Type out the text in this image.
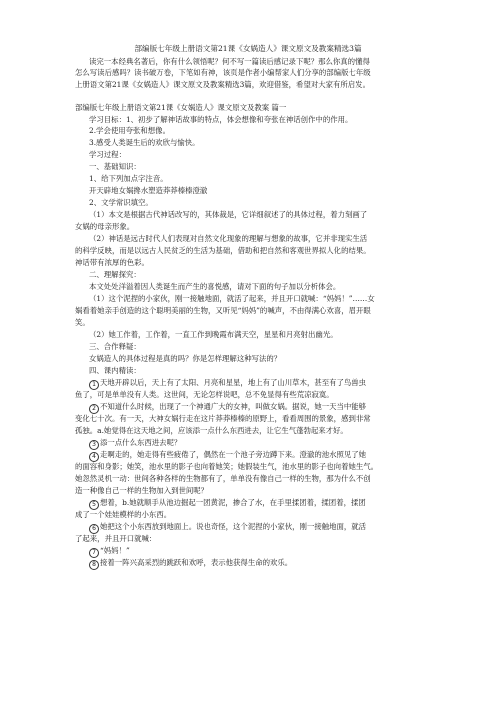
部编版七年级上册语文第21课《女娲造人》课文原文及教案精选3篇
读完一本经典名著后，你有什么领悟呢？何不写一篇读后感记录下呢？那么你真的懂得
怎么写读后感吗？读书破万卷，下笔如有神，该页是作者小编帮家人们分享的部编版七年级
上册语文第21课《女娲造人》课文原文及教案精选3篇，欢迎借鉴，希望对大家有所启发。
部编版七年级上册语文第21课《女娲造人》课文原文及教案 篇一
学习目标：1、初步了解神话故事的特点，体会想像和夸张在神话创作中的作用。
2.学会使用夸张和想像。
3.感受人类诞生后的欢欣与愉快。
学习过程：
一、基础知识：
1、给下列加点字注音。
开天辟地女娲搀水塑造莽莽榛榛澄澈
2、文学常识填空。
（1）本文是根据古代神话改写的，其体裁是，它详细叙述了的具体过程，着力刻画了
女娲的母亲形象。
（2）神话是远古时代人们表现对自然文化现象的理解与想象的故事，它并非现实生活
的科学反映，而是以远古人民贫乏的生活为基础，借助和把自然和客观世界拟人化的结果。
神话带有浓厚的色彩。
二、理解探究：
本文处处洋溢着因人类诞生而产生的喜悦感，请对下面的句子加以分析体会。
（1）这个泥捏的小家伙，刚一接触地面，就活了起来，并且开口就喊：“妈妈！”……女
娲看着她亲手创造的这个聪明美丽的生物，又听见“妈妈”的喊声，不由得满心欢喜，眉开眼
笑。
（2）她工作着，工作着，一直工作到晚霞布满天空，星星和月亮射出幽光。
三、合作释疑：
女娲造人的具体过程是真的吗？你是怎样理解这种写法的？
四、课内精读：
1 天地开辟以后，天上有了太阳、月亮和星星，地上有了山川草木，甚至有了鸟兽虫
鱼了，可是单单没有人类。这世间，无论怎样说吧，总不免显得有些荒凉寂寞。
2 不知道什么时候，出现了一个神通广大的女神，叫做女娲。据说，她一天当中能够
变化七十次。有一天，大神女娲行走在这片莽莽榛榛的原野上，看看周围的景象，感到非常
孤独。a.她觉得在这天地之间，应该添一点什么东西进去，让它生气蓬勃起来才好。
3 添一点什么东西进去呢？
4 走啊走的，她走得有些疲倦了，偶然在一个池子旁边蹲下来。澄澈的池水照见了她
的面容和身影；她笑，池水里的影子也向着她笑；她假装生气，池水里的影子也向着她生气。
她忽然灵机一动：世间各种各样的生物都有了，单单没有像自己一样的生物，那为什么不创
造一种像自己一样的生物加入到世间呢？
5 想着，b.她就顺手从池边掘起一团黄泥，掺合了水，在手里揉团着，揉团着，揉团
成了一个娃娃模样的小东西。
6 她把这个小东西放到地面上。说也奇怪，这个泥捏的小家伙，刚一接触地面，就活
了起来，并且开口就喊：
7 “妈妈！”
8 接着一阵兴高采烈的跳跃和欢呼，表示他获得生命的欢乐。
